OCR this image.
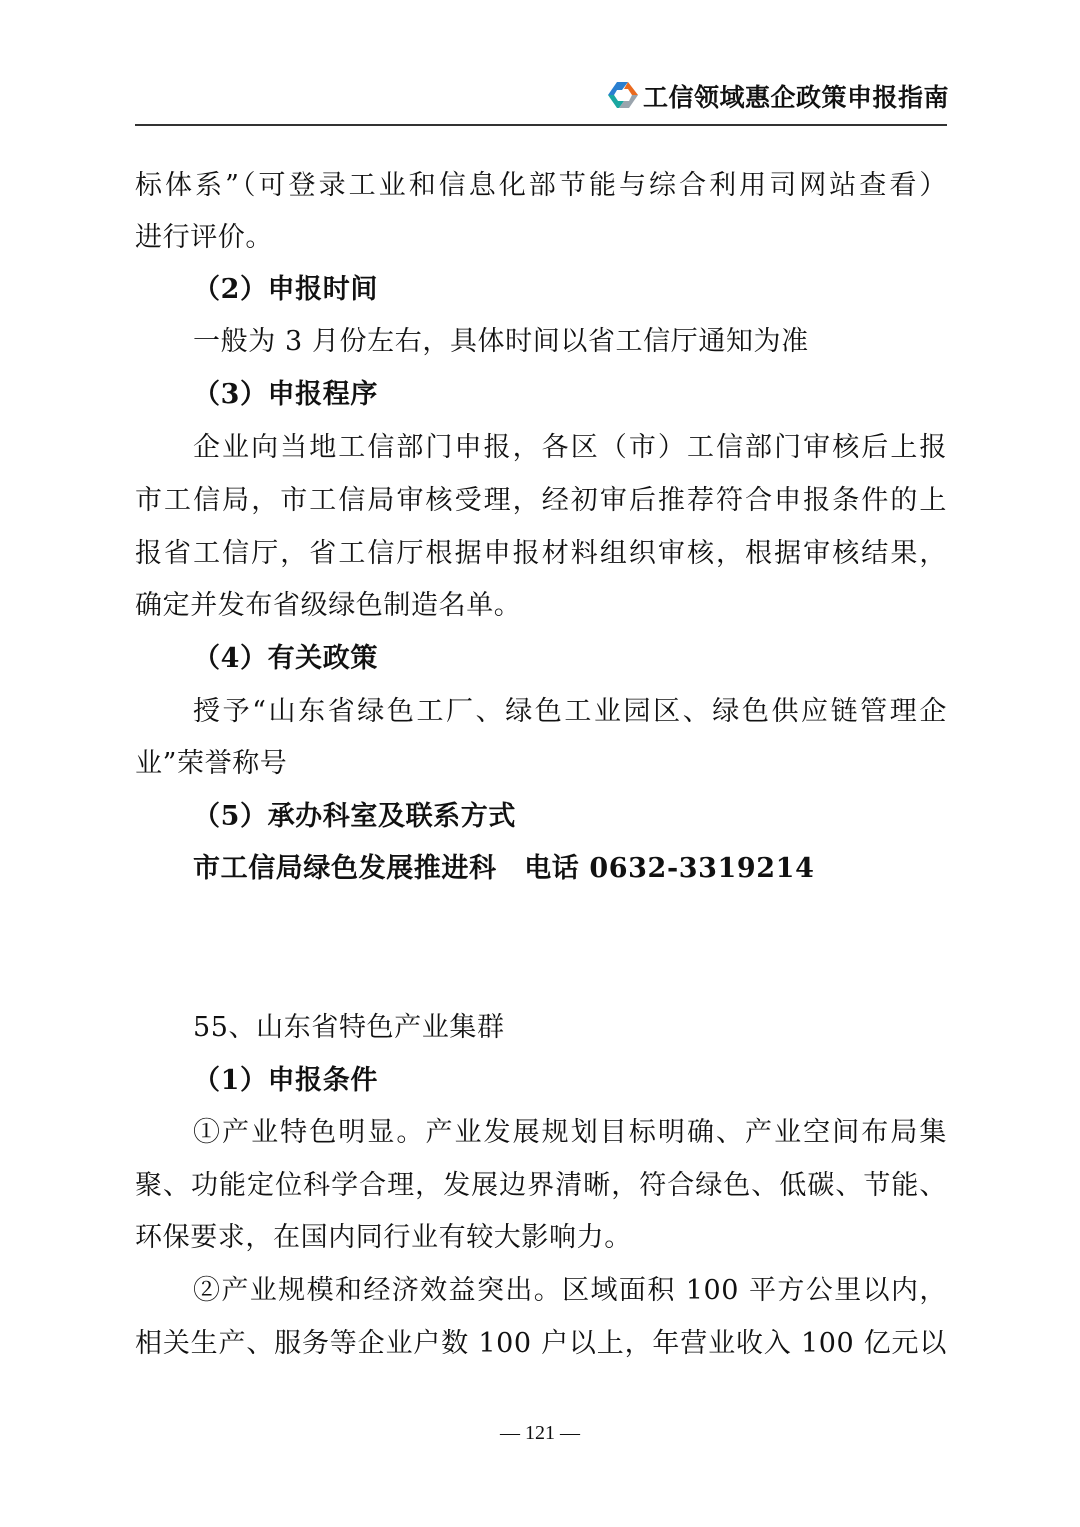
工信领域惠企政策申报指南
标体系”（可登录工业和信息化部节能与综合利用司网站查看）
进行评价。
（2）申报时间
一般为 3 月份左右，具体时间以省工信厅通知为准
（3）申报程序
企业向当地工信部门申报，各区（市）工信部门审核后上报
市工信局，市工信局审核受理，经初审后推荐符合申报条件的上
报省工信厅，省工信厅根据申报材料组织审核，根据审核结果，
确定并发布省级绿色制造名单。
（4）有关政策
授予“山东省绿色工厂、绿色工业园区、绿色供应链管理企
业”荣誉称号
（5）承办科室及联系方式
市工信局绿色发展推进科　电话 0632-3319214
55、山东省特色产业集群
（1）申报条件
①产业特色明显。产业发展规划目标明确、产业空间布局集
聚、功能定位科学合理，发展边界清晰，符合绿色、低碳、节能、
环保要求，在国内同行业有较大影响力。
②产业规模和经济效益突出。区域面积 100 平方公里以内，
相关生产、服务等企业户数 100 户以上，年营业收入 100 亿元以
— 121 —
